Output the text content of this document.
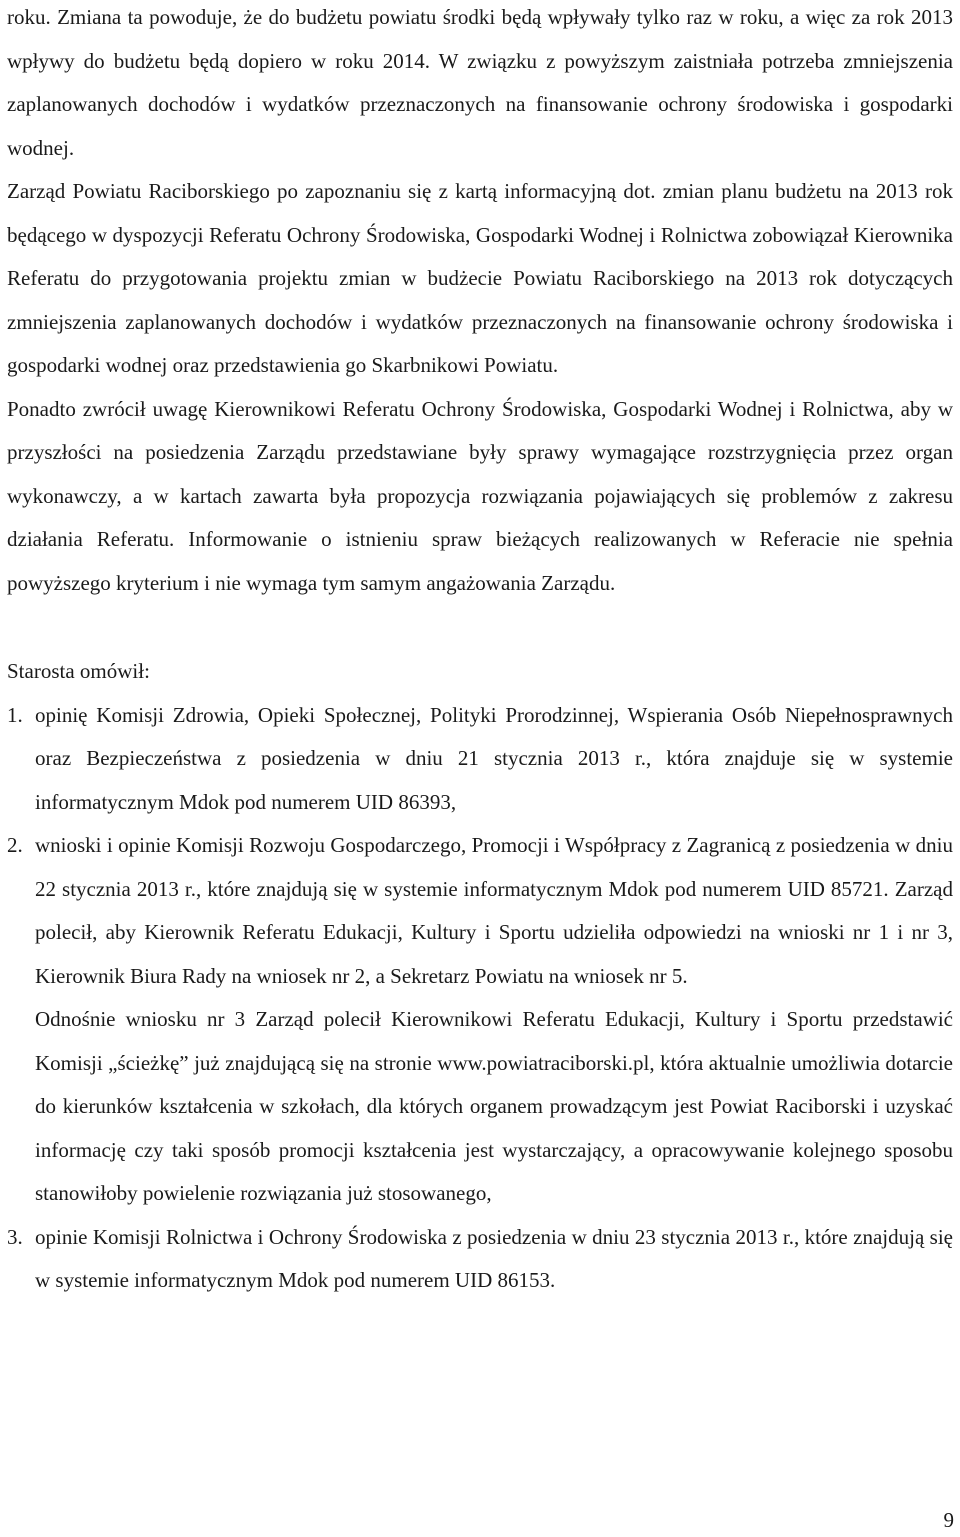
roku. Zmiana ta powoduje, że do budżetu powiatu środki będą wpływały tylko raz w roku, a więc za rok 2013 wpływy do budżetu będą dopiero w roku 2014. W związku z powyższym zaistniała potrzeba zmniejszenia zaplanowanych dochodów i wydatków przeznaczonych na finansowanie ochrony środowiska i gospodarki wodnej.

Zarząd Powiatu Raciborskiego po zapoznaniu się z kartą informacyjną dot. zmian planu budżetu na 2013 rok będącego w dyspozycji Referatu Ochrony Środowiska, Gospodarki Wodnej i Rolnictwa zobowiązał Kierownika Referatu do przygotowania projektu zmian w budżecie Powiatu Raciborskiego na 2013 rok dotyczących zmniejszenia zaplanowanych dochodów i wydatków przeznaczonych na finansowanie ochrony środowiska i gospodarki wodnej oraz przedstawienia go Skarbnikowi Powiatu.

Ponadto zwrócił uwagę Kierownikowi Referatu Ochrony Środowiska, Gospodarki Wodnej i Rolnictwa, aby w przyszłości na posiedzenia Zarządu przedstawiane były sprawy wymagające rozstrzygnięcia przez organ wykonawczy, a w kartach zawarta była propozycja rozwiązania pojawiających się problemów z zakresu działania Referatu. Informowanie o istnieniu spraw bieżących realizowanych w Referacie nie spełnia powyższego kryterium i nie wymaga tym samym angażowania Zarządu.

Starosta omówił:

1. opinię Komisji Zdrowia, Opieki Społecznej, Polityki Prorodzinnej, Wspierania Osób Niepełnosprawnych oraz Bezpieczeństwa z posiedzenia w dniu 21 stycznia 2013 r., która znajduje się w systemie informatycznym Mdok pod numerem UID 86393,

2. wnioski i opinie Komisji Rozwoju Gospodarczego, Promocji i Współpracy z Zagranicą z posiedzenia w dniu 22 stycznia 2013 r., które znajdują się w systemie informatycznym Mdok pod numerem UID 85721. Zarząd polecił, aby Kierownik Referatu Edukacji, Kultury i Sportu udzieliła odpowiedzi na wnioski nr 1 i nr 3, Kierownik Biura Rady na wniosek nr 2, a Sekretarz Powiatu na wniosek nr 5.

Odnośnie wniosku nr 3 Zarząd polecił Kierownikowi Referatu Edukacji, Kultury i Sportu przedstawić Komisji „ścieżkę” już znajdującą się na stronie www.powiatraciborski.pl, która aktualnie umożliwia dotarcie do kierunków kształcenia w szkołach, dla których organem prowadzącym jest Powiat Raciborski i uzyskać informację czy taki sposób promocji kształcenia jest wystarczający, a opracowywanie kolejnego sposobu stanowiłoby powielenie rozwiązania już stosowanego,

3. opinie Komisji Rolnictwa i Ochrony Środowiska z posiedzenia w dniu 23 stycznia 2013 r., które znajdują się w systemie informatycznym Mdok pod numerem UID 86153.

9
